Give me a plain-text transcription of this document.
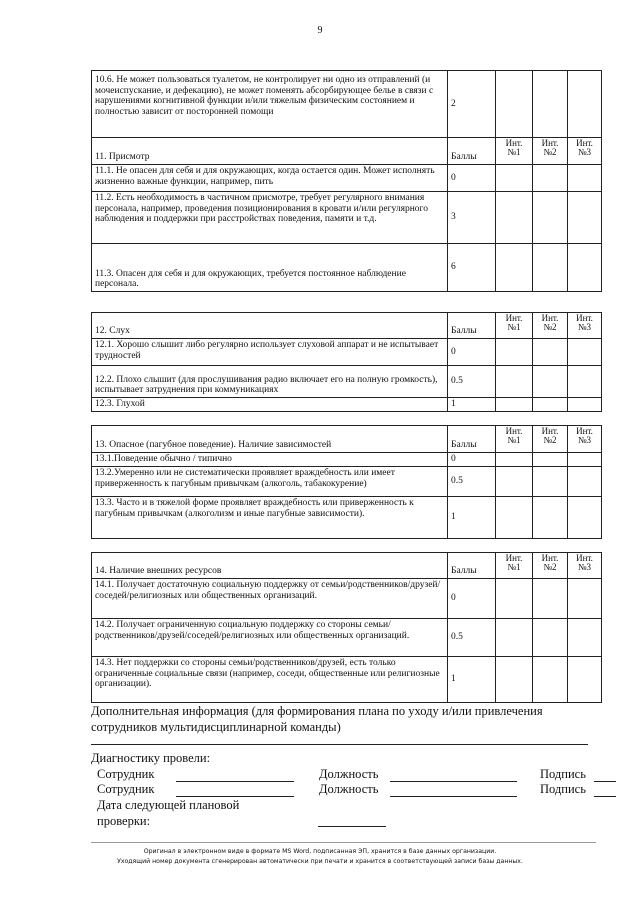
9
10.6. Не может пользоваться туалетом, не контролирует ни одно из отправлений (и мочеиспускание, и дефекацию), не может поменять абсорбирующее белье в связи с нарушениями когнитивной функции и/или тяжелым физическим состоянием и полностью зависит от посторонней помощи	2			
11. Присмотр	Баллы	Инт. №1	Инт. №2	Инт. №3
11.1. Не опасен для себя и для окружающих, когда остается один. Может исполнять жизненно важные функции, например, пить	0			
11.2. Есть необходимость в частичном присмотре, требует регулярного внимания персонала, например, проведения позиционирования в кровати и/или регулярного наблюдения и поддержки при расстройствах поведения, памяти и т.д.	3			
11.3. Опасен для себя и для окружающих, требуется постоянное наблюдение персонала.	6			
12. Слух	Баллы	Инт. №1	Инт. №2	Инт. №3
12.1. Хорошо слышит либо регулярно использует слуховой аппарат и не испытывает трудностей	0			
12.2. Плохо слышит (для прослушивания радио включает его на полную громкость), испытывает затруднения при коммуникациях	0.5			
12.3. Глухой	1			
13. Опасное (пагубное поведение). Наличие зависимостей	Баллы	Инт. №1	Инт. №2	Инт. №3
13.1.Поведение обычно / типично	0			
13.2.Умеренно или не систематически проявляет враждебность или имеет приверженность к пагубным привычкам (алкоголь, табакокурение)	0.5			
13.3. Часто и в тяжелой форме проявляет враждебность или приверженность к пагубным привычкам (алкоголизм и иные пагубные зависимости).	1			
14. Наличие внешних ресурсов	Баллы	Инт. №1	Инт. №2	Инт. №3
14.1. Получает достаточную социальную поддержку от семьи/родственников/друзей/соседей/религиозных или общественных организаций.	0			
14.2. Получает ограниченную социальную поддержку со стороны семьи/родственников/друзей/соседей/религиозных или общественных организаций.	0.5			
14.3. Нет поддержки со стороны семьи/родственников/друзей, есть только ограниченные социальные связи (например, соседи, общественные или религиозные организации).	1			
Дополнительная информация (для формирования плана по уходу и/или привлечения сотрудников мультидисциплинарной команды)
Диагностику провели:
Сотрудник	Должность	Подпись
Сотрудник	Должность	Подпись
Дата следующей плановой
проверки:
Оригинал в электронном виде в формате MS Word, подписанная ЭП, хранится в базе данных организации.
Уходящий номер документа сгенерирован автоматически при печати и хранится в соответствующей записи базы данных.
